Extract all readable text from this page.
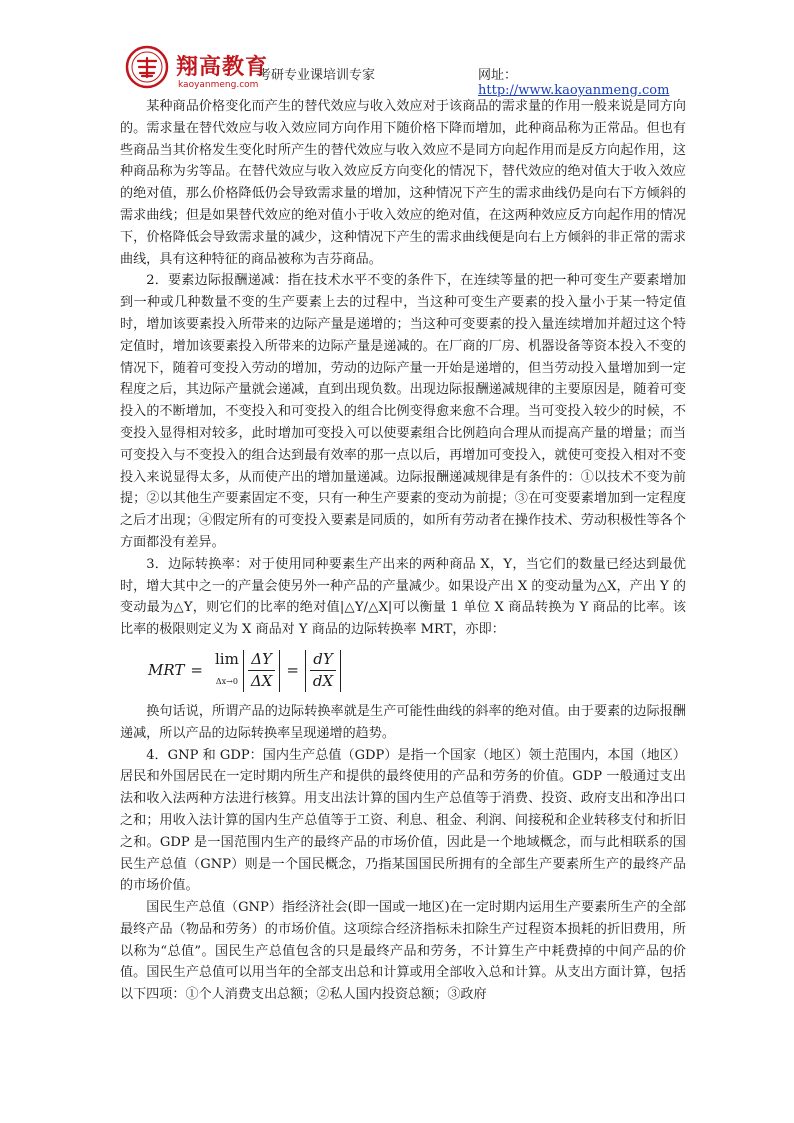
翔高教育
kaoyanmeng.com
考研专业课培训专家	网址：http://www.kaoyanmeng.com

某种商品价格变化而产生的替代效应与收入效应对于该商品的需求量的作用一般来说是同方向的。需求量在替代效应与收入效应同方向作用下随价格下降而增加，此种商品称为正常品。但也有些商品当其价格发生变化时所产生的替代效应与收入效应不是同方向起作用而是反方向起作用，这种商品称为劣等品。在替代效应与收入效应反方向变化的情况下，替代效应的绝对值大于收入效应的绝对值，那么价格降低仍会导致需求量的增加，这种情况下产生的需求曲线仍是向右下方倾斜的需求曲线；但是如果替代效应的绝对值小于收入效应的绝对值，在这两种效应反方向起作用的情况下，价格降低会导致需求量的减少，这种情况下产生的需求曲线便是向右上方倾斜的非正常的需求曲线，具有这种特征的商品被称为吉芬商品。

2．要素边际报酬递减：指在技术水平不变的条件下，在连续等量的把一种可变生产要素增加到一种或几种数量不变的生产要素上去的过程中，当这种可变生产要素的投入量小于某一特定值时，增加该要素投入所带来的边际产量是递增的；当这种可变要素的投入量连续增加并超过这个特定值时，增加该要素投入所带来的边际产量是递减的。在厂商的厂房、机器设备等资本投入不变的情况下，随着可变投入劳动的增加，劳动的边际产量一开始是递增的，但当劳动投入量增加到一定程度之后，其边际产量就会递减，直到出现负数。出现边际报酬递减规律的主要原因是，随着可变投入的不断增加，不变投入和可变投入的组合比例变得愈来愈不合理。当可变投入较少的时候，不变投入显得相对较多，此时增加可变投入可以使要素组合比例趋向合理从而提高产量的增量；而当可变投入与不变投入的组合达到最有效率的那一点以后，再增加可变投入，就使可变投入相对不变投入来说显得太多，从而使产出的增加量递减。边际报酬递减规律是有条件的：①以技术不变为前提；②以其他生产要素固定不变，只有一种生产要素的变动为前提；③在可变要素增加到一定程度之后才出现；④假定所有的可变投入要素是同质的，如所有劳动者在操作技术、劳动积极性等各个方面都没有差异。

3．边际转换率：对于使用同种要素生产出来的两种商品 X，Y，当它们的数量已经达到最优时，增大其中之一的产量会使另外一种产品的产量减少。如果设产出 X 的变动量为△X，产出 Y 的变动最为△Y，则它们的比率的绝对值|△Y/△X|可以衡量 1 单位 X 商品转换为 Y 商品的比率。该比率的极限则定义为 X 商品对 Y 商品的边际转换率 MRT，亦即：

MRT =
lim
$\Delta x\to 0 \frac{\Delta Y}{\Delta X} = \frac{dY}{dX}$

换句话说，所谓产品的边际转换率就是生产可能性曲线的斜率的绝对值。由于要素的边际报酬递减，所以产品的边际转换率呈现递增的趋势。

4．GNP 和 GDP：国内生产总值（GDP）是指一个国家（地区）领土范围内，本国（地区）居民和外国居民在一定时期内所生产和提供的最终使用的产品和劳务的价值。GDP 一般通过支出法和收入法两种方法进行核算。用支出法计算的国内生产总值等于消费、投资、政府支出和净出口之和；用收入法计算的国内生产总值等于工资、利息、租金、利润、间接税和企业转移支付和折旧之和。GDP 是一国范围内生产的最终产品的市场价值，因此是一个地域概念，而与此相联系的国民生产总值（GNP）则是一个国民概念，乃指某国国民所拥有的全部生产要素所生产的最终产品的市场价值。

国民生产总值（GNP）指经济社会(即一国或一地区)在一定时期内运用生产要素所生产的全部最终产品（物品和劳务）的市场价值。这项综合经济指标未扣除生产过程资本损耗的折旧费用，所以称为“总值”。国民生产总值包含的只是最终产品和劳务，不计算生产中耗费掉的中间产品的价值。国民生产总值可以用当年的全部支出总和计算或用全部收入总和计算。从支出方面计算，包括以下四项：①个人消费支出总额；②私人国内投资总额；③政府
